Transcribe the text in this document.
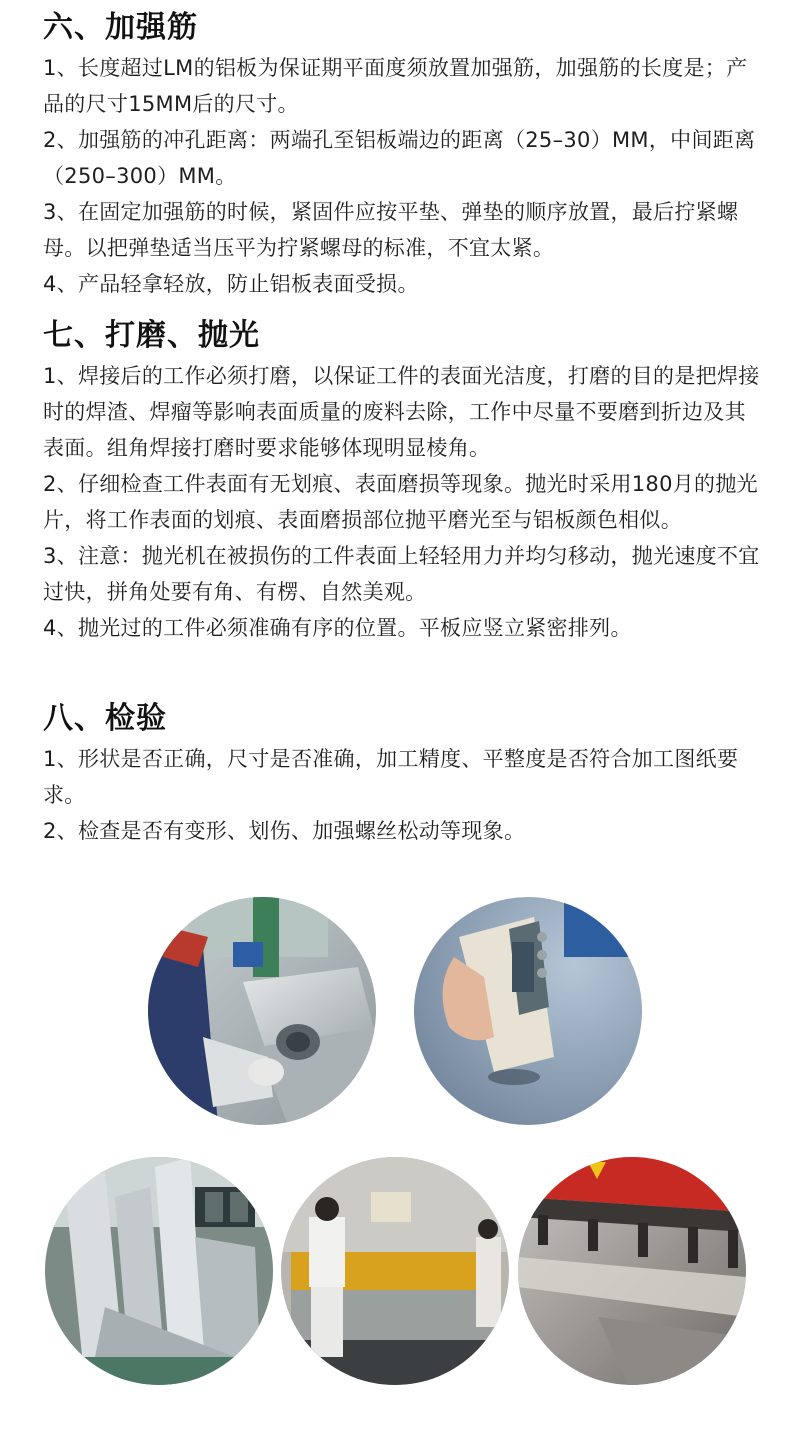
六、加强筋

1、长度超过LM的铝板为保证期平面度须放置加强筋，加强筋的长度是；产品的尺寸15MM后的尺寸。

2、加强筋的冲孔距离：两端孔至铝板端边的距离（25–30）MM，中间距离（250–300）MM。

3、在固定加强筋的时候，紧固件应按平垫、弹垫的顺序放置，最后拧紧螺母。以把弹垫适当压平为拧紧螺母的标准，不宜太紧。

4、产品轻拿轻放，防止铝板表面受损。

七、打磨、抛光

1、焊接后的工作必须打磨，以保证工件的表面光洁度，打磨的目的是把焊接时的焊渣、焊瘤等影响表面质量的废料去除，工作中尽量不要磨到折边及其表面。组角焊接打磨时要求能够体现明显棱角。

2、仔细检查工件表面有无划痕、表面磨损等现象。抛光时采用180月的抛光片，将工作表面的划痕、表面磨损部位抛平磨光至与铝板颜色相似。

3、注意：抛光机在被损伤的工件表面上轻轻用力并均匀移动，抛光速度不宜过快，拼角处要有角、有楞、自然美观。

4、抛光过的工件必须准确有序的位置。平板应竖立紧密排列。

八、检验

1、形状是否正确，尺寸是否准确，加工精度、平整度是否符合加工图纸要求。

2、检查是否有变形、划伤、加强螺丝松动等现象。
